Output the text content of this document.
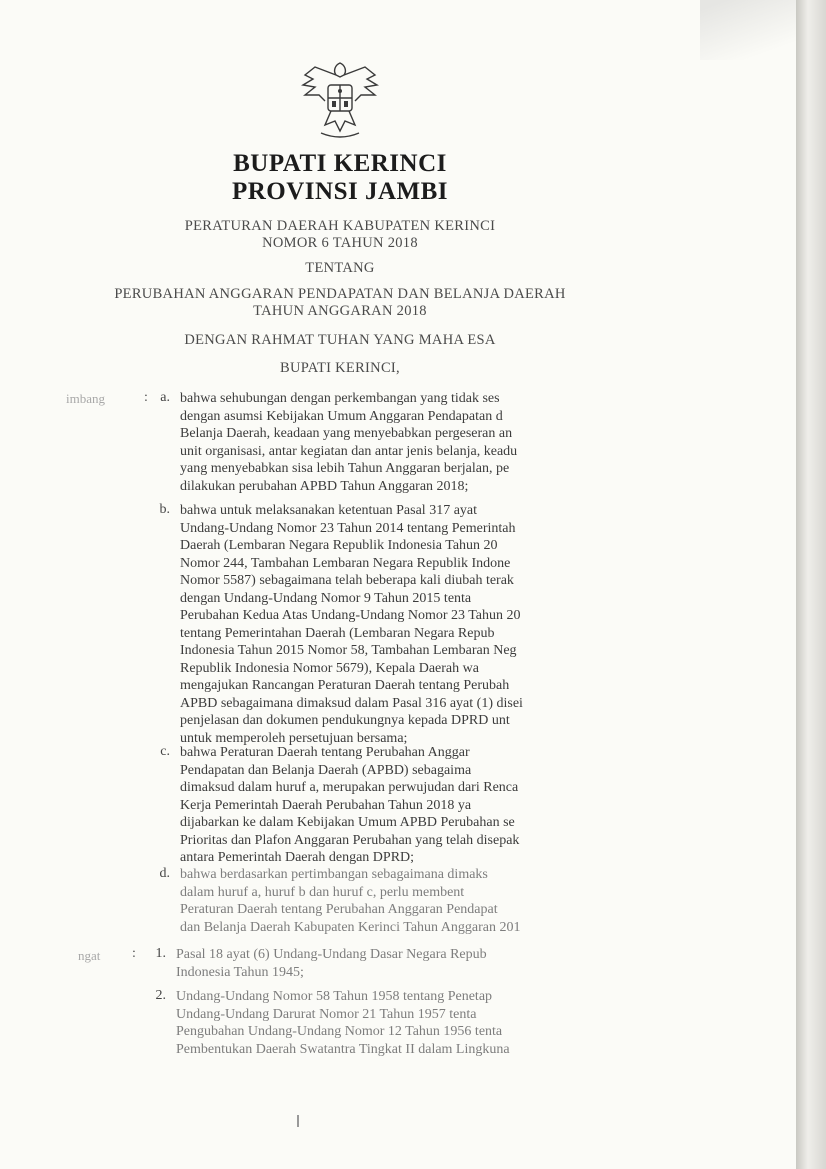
BUPATI KERINCI
PROVINSI JAMBI
PERATURAN DAERAH KABUPATEN KERINCI
NOMOR 6 TAHUN 2018
TENTANG
PERUBAHAN ANGGARAN PENDAPATAN DAN BELANJA DAERAH
TAHUN ANGGARAN 2018
DENGAN RAHMAT TUHAN YANG MAHA ESA
BUPATI KERINCI,
imbang	: a. bahwa sehubungan dengan perkembangan yang tidak ses
dengan asumsi Kebijakan Umum Anggaran Pendapatan d
Belanja Daerah, keadaan yang menyebabkan pergeseran an
unit organisasi, antar kegiatan dan antar jenis belanja, keadu
yang menyebabkan sisa lebih Tahun Anggaran berjalan, pe
dilakukan perubahan APBD Tahun Anggaran 2018;
b. bahwa untuk melaksanakan ketentuan Pasal 317 ayat
Undang-Undang Nomor 23 Tahun 2014 tentang Pemerintah
Daerah (Lembaran Negara Republik Indonesia Tahun 20
Nomor 244, Tambahan Lembaran Negara Republik Indone
Nomor 5587) sebagaimana telah beberapa kali diubah terak
dengan Undang-Undang Nomor 9 Tahun 2015 tenta
Perubahan Kedua Atas Undang-Undang Nomor 23 Tahun 20
tentang Pemerintahan Daerah (Lembaran Negara Repub
Indonesia Tahun 2015 Nomor 58, Tambahan Lembaran Neg
Republik Indonesia Nomor 5679), Kepala Daerah wa
mengajukan Rancangan Peraturan Daerah tentang Perubah
APBD sebagaimana dimaksud dalam Pasal 316 ayat (1) disei
penjelasan dan dokumen pendukungnya kepada DPRD unt
untuk memperoleh persetujuan bersama;
c. bahwa Peraturan Daerah tentang Perubahan Anggar
Pendapatan dan Belanja Daerah (APBD) sebagaima
dimaksud dalam huruf a, merupakan perwujudan dari Renca
Kerja Pemerintah Daerah Perubahan Tahun 2018 ya
dijabarkan ke dalam Kebijakan Umum APBD Perubahan se
Prioritas dan Plafon Anggaran Perubahan yang telah disepak
antara Pemerintah Daerah dengan DPRD;
d. bahwa berdasarkan pertimbangan sebagaimana dimaks
dalam huruf a, huruf b dan huruf c, perlu membent
Peraturan Daerah tentang Perubahan Anggaran Pendapat
dan Belanja Daerah Kabupaten Kerinci Tahun Anggaran 201
ngat :	1. Pasal 18 ayat (6) Undang-Undang Dasar Negara Repub
Indonesia Tahun 1945;
2. Undang-Undang Nomor 58 Tahun 1958 tentang Penetap
Undang-Undang Darurat Nomor 21 Tahun 1957 tenta
Pengubahan Undang-Undang Nomor 12 Tahun 1956 tenta
Pembentukan Daerah Swatantra Tingkat II dalam Lingkuna
